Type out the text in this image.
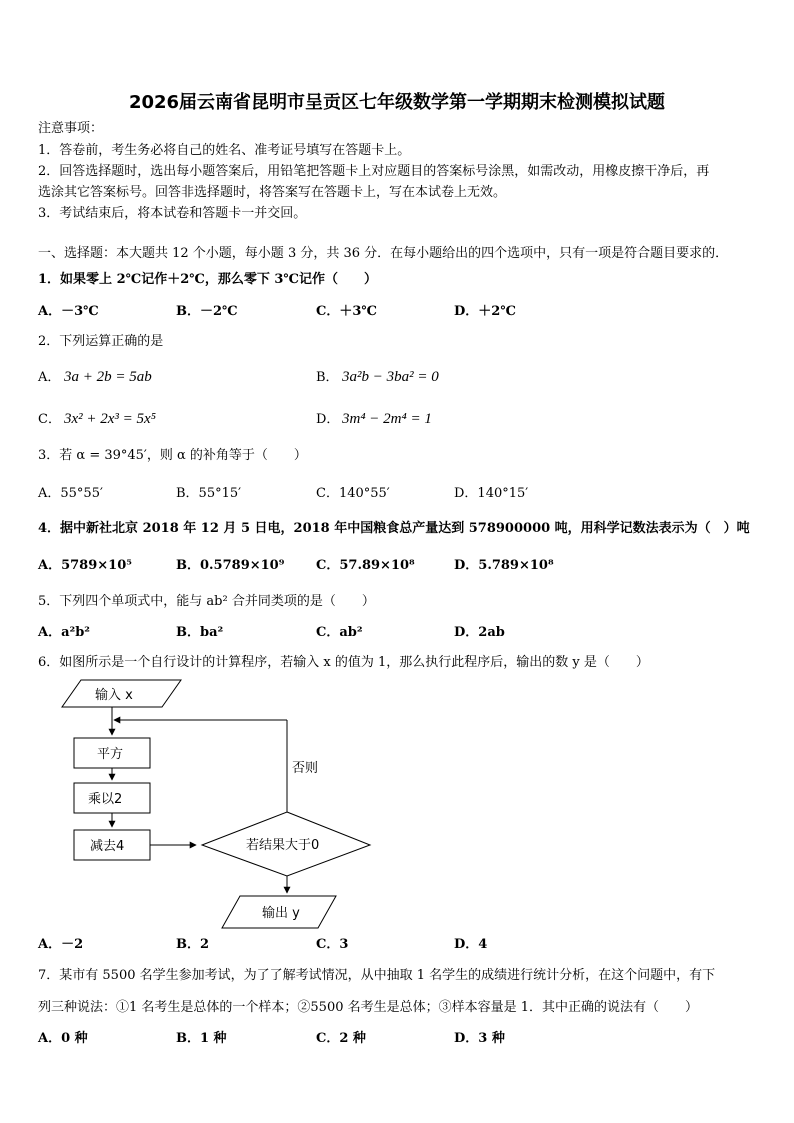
2026届云南省昆明市呈贡区七年级数学第一学期期末检测模拟试题
注意事项：
1．答卷前，考生务必将自己的姓名、准考证号填写在答题卡上。
2．回答选择题时，选出每小题答案后，用铅笔把答题卡上对应题目的答案标号涂黑，如需改动，用橡皮擦干净后，再
选涂其它答案标号。回答非选择题时，将答案写在答题卡上，写在本试卷上无效。
3．考试结束后，将本试卷和答题卡一并交回。
一、选择题：本大题共 12 个小题，每小题 3 分，共 36 分．在每小题给出的四个选项中，只有一项是符合题目要求的．
1．如果零上 2℃记作＋2℃，那么零下 3℃记作（　　）
A．－3℃	B．－2℃	C．＋3℃	D．＋2℃
2．下列运算正确的是
A． 3a + 2b = 5ab	B． 3a²b − 3ba² = 0
C． 3x² + 2x³ = 5x⁵	D． 3m⁴ − 2m⁴ = 1
3．若 α = 39°45′，则 α 的补角等于（　　）
A．55°55′	B．55°15′	C．140°55′	D．140°15′
4．据中新社北京 2018 年 12 月 5 日电，2018 年中国粮食总产量达到 578900000 吨，用科学记数法表示为（　）吨
A．5789×10⁵	B．0.5789×10⁹ C．57.89×10⁸	D．5.789×10⁸
5．下列四个单项式中，能与 ab² 合并同类项的是（　　）
A．a²b²	B．ba²	C．ab²	D．2ab
6．如图所示是一个自行设计的计算程序，若输入 x 的值为 1，那么执行此程序后，输出的数 y 是（　　）
输入 x
否则
平方
乘以2
减去4	若结果大于0
输出 y
A．－2	B．2	C．3	D．4
7．某市有 5500 名学生参加考试，为了了解考试情况，从中抽取 1 名学生的成绩进行统计分析，在这个问题中，有下
列三种说法：①1 名考生是总体的一个样本；②5500 名考生是总体；③样本容量是 1．其中正确的说法有（　　）
A．0 种	B．1 种	C．2 种	D．3 种
